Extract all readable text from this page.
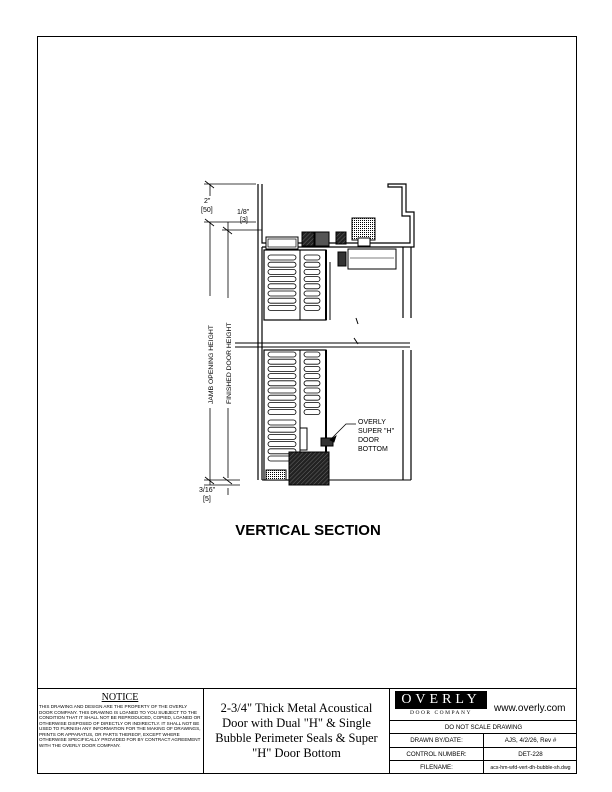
2"
[50]	1/8"
[3]
3/16"
[5]
JAMB OPENING HEIGHT FINISHED DOOR HEIGHT
OVERLY
SUPER "H"
DOOR
BOTTOM
VERTICAL SECTION
NOTICE

THIS DRAWING AND DESIGN ARE THE PROPERTY OF THE OVERLY DOOR COMPANY. THIS DRAWING IS LOANED TO YOU SUBJECT TO THE CONDITION THAT IT SHALL NOT BE REPRODUCED, COPIED, LOANED OR OTHERWISE DISPOSED OF DIRECTLY OR INDIRECTLY. IT SHALL NOT BE USED TO FURNISH ANY INFORMATION FOR THE MAKING OF DRAWINGS, PRINTS OR APPARATUS, OR PARTS THEREOF, EXCEPT WHERE OTHERWISE SPECIFICALLY PROVIDED FOR BY CONTRACT AGREEMENT WITH THE OVERLY DOOR COMPANY.

2-3/4" Thick Metal Acoustical Door with Dual "H" & Single Bubble Perimeter Seals & Super "H" Door Bottom
OVERLY
DOOR COMPANY	www.overly.com
DO NOT SCALE DRAWING
DRAWN BY/DATE:	AJS, 4/2/26, Rev #
CONTROL NUMBER:	DET-228
FILENAME:	acs-hm-wfd-vert-dh-bubble-sh.dwg
